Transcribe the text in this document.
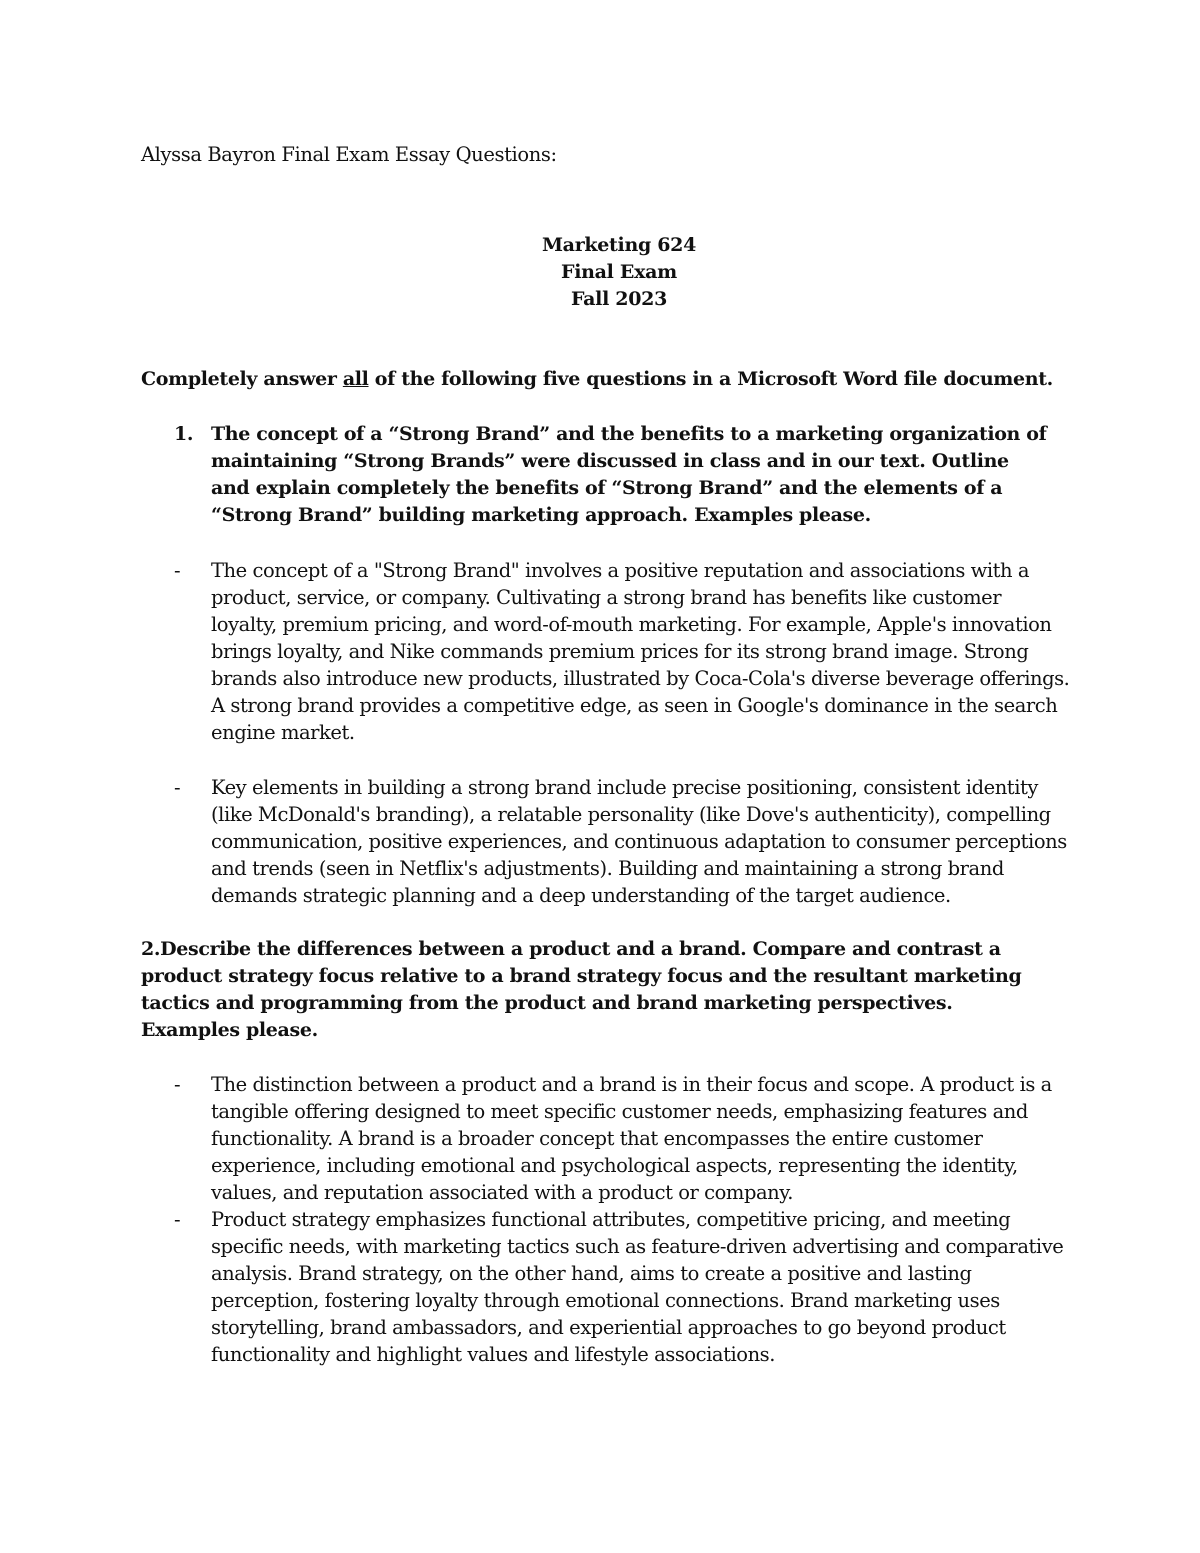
Alyssa Bayron Final Exam Essay Questions:
Marketing 624
Final Exam
Fall 2023
Completely answer all of the following five questions in a Microsoft Word file document.
1. The concept of a “Strong Brand” and the benefits to a marketing organization of maintaining “Strong Brands” were discussed in class and in our text. Outline and explain completely the benefits of “Strong Brand” and the elements of a “Strong Brand” building marketing approach. Examples please.
- The concept of a "Strong Brand" involves a positive reputation and associations with a product, service, or company. Cultivating a strong brand has benefits like customer loyalty, premium pricing, and word-of-mouth marketing. For example, Apple's innovation brings loyalty, and Nike commands premium prices for its strong brand image. Strong brands also introduce new products, illustrated by Coca-Cola's diverse beverage offerings. A strong brand provides a competitive edge, as seen in Google's dominance in the search engine market.
- Key elements in building a strong brand include precise positioning, consistent identity (like McDonald's branding), a relatable personality (like Dove's authenticity), compelling communication, positive experiences, and continuous adaptation to consumer perceptions and trends (seen in Netflix's adjustments). Building and maintaining a strong brand demands strategic planning and a deep understanding of the target audience.
2.Describe the differences between a product and a brand. Compare and contrast a product strategy focus relative to a brand strategy focus and the resultant marketing tactics and programming from the product and brand marketing perspectives. Examples please.
- The distinction between a product and a brand is in their focus and scope. A product is a tangible offering designed to meet specific customer needs, emphasizing features and functionality. A brand is a broader concept that encompasses the entire customer experience, including emotional and psychological aspects, representing the identity, values, and reputation associated with a product or company.
- Product strategy emphasizes functional attributes, competitive pricing, and meeting specific needs, with marketing tactics such as feature-driven advertising and comparative analysis. Brand strategy, on the other hand, aims to create a positive and lasting perception, fostering loyalty through emotional connections. Brand marketing uses storytelling, brand ambassadors, and experiential approaches to go beyond product functionality and highlight values and lifestyle associations.
